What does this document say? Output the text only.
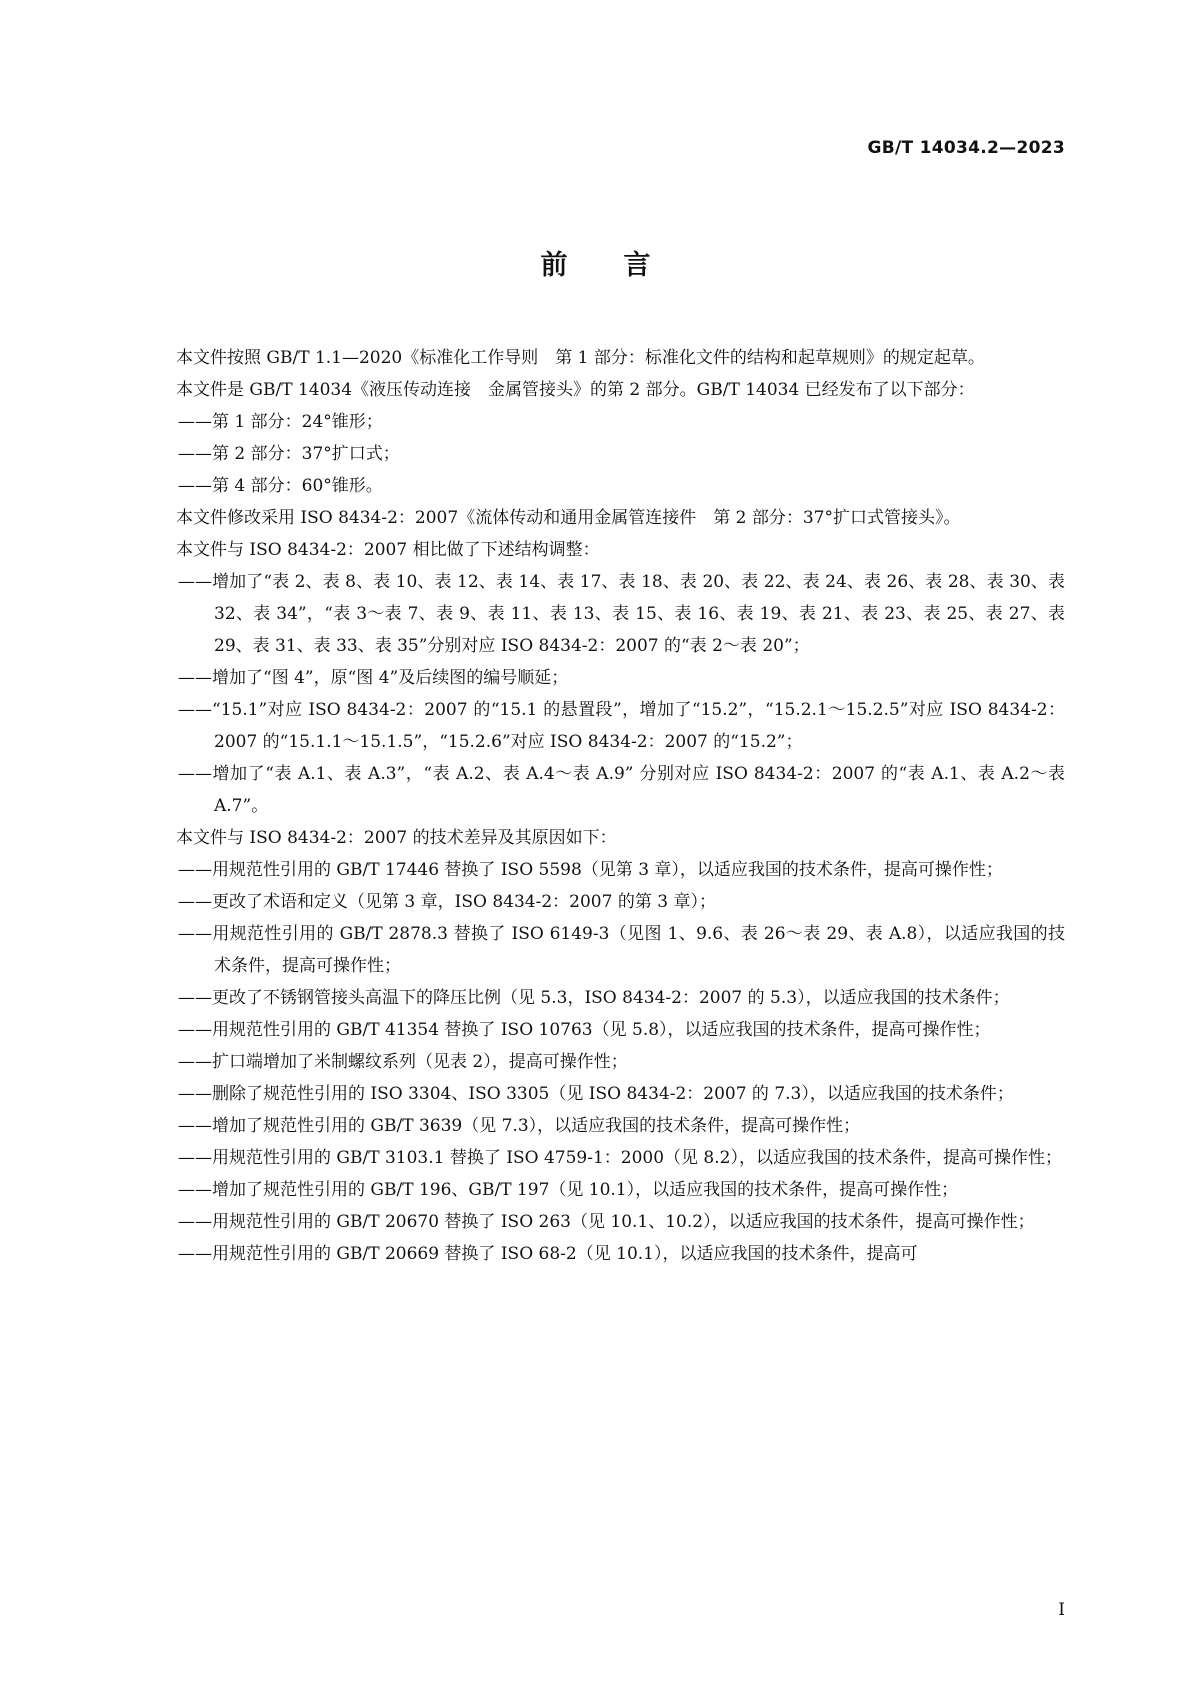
GB/T 14034.2—2023
前言

本文件按照 GB/T 1.1—2020《标准化工作导则　第 1 部分：标准化文件的结构和起草规则》的规定起草。

本文件是 GB/T 14034《液压传动连接　金属管接头》的第 2 部分。GB/T 14034 已经发布了以下部分：

——第 1 部分：24°锥形；

——第 2 部分：37°扩口式；

——第 4 部分：60°锥形。

本文件修改采用 ISO 8434-2：2007《流体传动和通用金属管连接件　第 2 部分：37°扩口式管接头》。

本文件与 ISO 8434-2：2007 相比做了下述结构调整：

——增加了“表 2、表 8、表 10、表 12、表 14、表 17、表 18、表 20、表 22、表 24、表 26、表 28、表 30、表 32、表 34”，“表 3～表 7、表 9、表 11、表 13、表 15、表 16、表 19、表 21、表 23、表 25、表 27、表 29、表 31、表 33、表 35”分别对应 ISO 8434-2：2007 的“表 2～表 20”；

——增加了“图 4”，原“图 4”及后续图的编号顺延；

——“15.1”对应 ISO 8434-2：2007 的“15.1 的悬置段”，增加了“15.2”，“15.2.1～15.2.5”对应 ISO 8434-2：2007 的“15.1.1～15.1.5”，“15.2.6”对应 ISO 8434-2：2007 的“15.2”；

——增加了“表 A.1、表 A.3”，“表 A.2、表 A.4～表 A.9” 分别对应 ISO 8434-2：2007 的“表 A.1、表 A.2～表 A.7”。

本文件与 ISO 8434-2：2007 的技术差异及其原因如下：

——用规范性引用的 GB/T 17446 替换了 ISO 5598（见第 3 章），以适应我国的技术条件，提高可操作性；

——更改了术语和定义（见第 3 章，ISO 8434-2：2007 的第 3 章）；

——用规范性引用的 GB/T 2878.3 替换了 ISO 6149-3（见图 1、9.6、表 26～表 29、表 A.8），以适应我国的技术条件，提高可操作性；

——更改了不锈钢管接头高温下的降压比例（见 5.3，ISO 8434-2：2007 的 5.3），以适应我国的技术条件；

——用规范性引用的 GB/T 41354 替换了 ISO 10763（见 5.8），以适应我国的技术条件，提高可操作性；

——扩口端增加了米制螺纹系列（见表 2），提高可操作性；

——删除了规范性引用的 ISO 3304、ISO 3305（见 ISO 8434-2：2007 的 7.3），以适应我国的技术条件；

——增加了规范性引用的 GB/T 3639（见 7.3），以适应我国的技术条件，提高可操作性；

——用规范性引用的 GB/T 3103.1 替换了 ISO 4759-1：2000（见 8.2），以适应我国的技术条件，提高可操作性；

——增加了规范性引用的 GB/T 196、GB/T 197（见 10.1），以适应我国的技术条件，提高可操作性；

——用规范性引用的 GB/T 20670 替换了 ISO 263（见 10.1、10.2），以适应我国的技术条件，提高可操作性；

——用规范性引用的 GB/T 20669 替换了 ISO 68-2（见 10.1），以适应我国的技术条件，提高可

I
